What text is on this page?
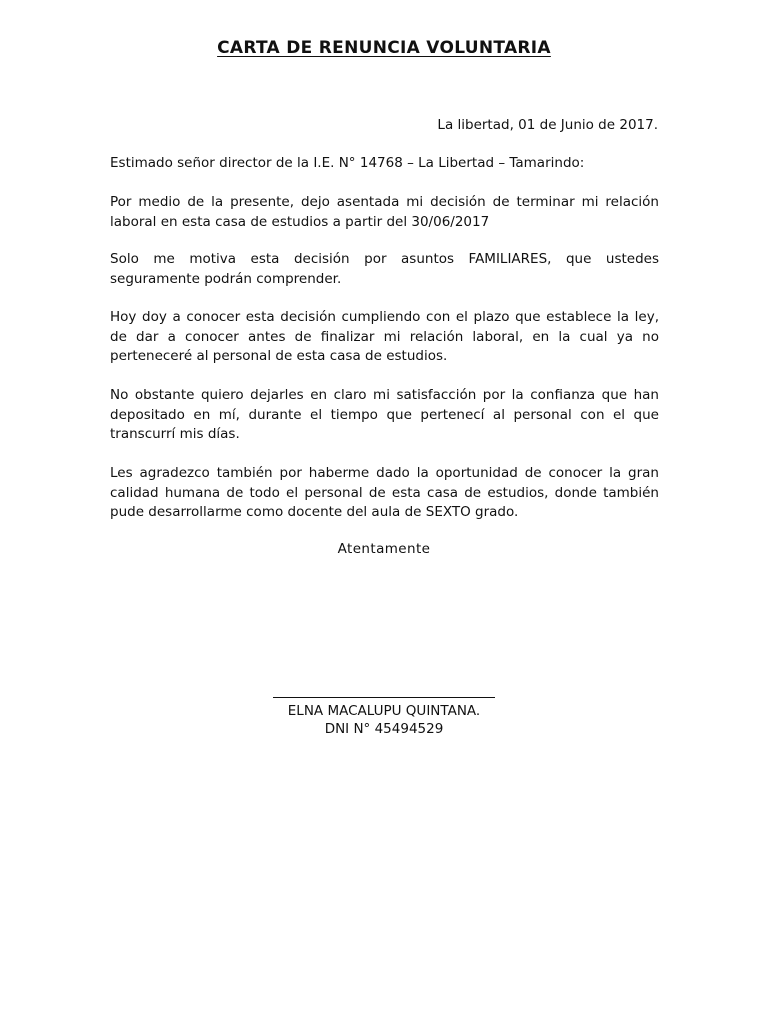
CARTA DE RENUNCIA VOLUNTARIA
La libertad, 01 de Junio de 2017.
Estimado señor director de la I.E. N° 14768 – La Libertad – Tamarindo:
Por medio de la presente, dejo asentada mi decisión de terminar mi relación laboral en esta casa de estudios a partir del 30/06/2017
Solo me motiva esta decisión por asuntos FAMILIARES, que ustedes seguramente podrán comprender.
Hoy doy a conocer esta decisión cumpliendo con el plazo que establece la ley, de dar a conocer antes de finalizar mi relación laboral, en la cual ya no perteneceré al personal de esta casa de estudios.
No obstante quiero dejarles en claro mi satisfacción por la confianza que han depositado en mí, durante el tiempo que pertenecí al personal con el que transcurrí mis días.
Les agradezco también por haberme dado la oportunidad de conocer la gran calidad humana de todo el personal de esta casa de estudios, donde también pude desarrollarme como docente del aula de SEXTO grado.
Atentamente
ELNA MACALUPU QUINTANA.
DNI N° 45494529
